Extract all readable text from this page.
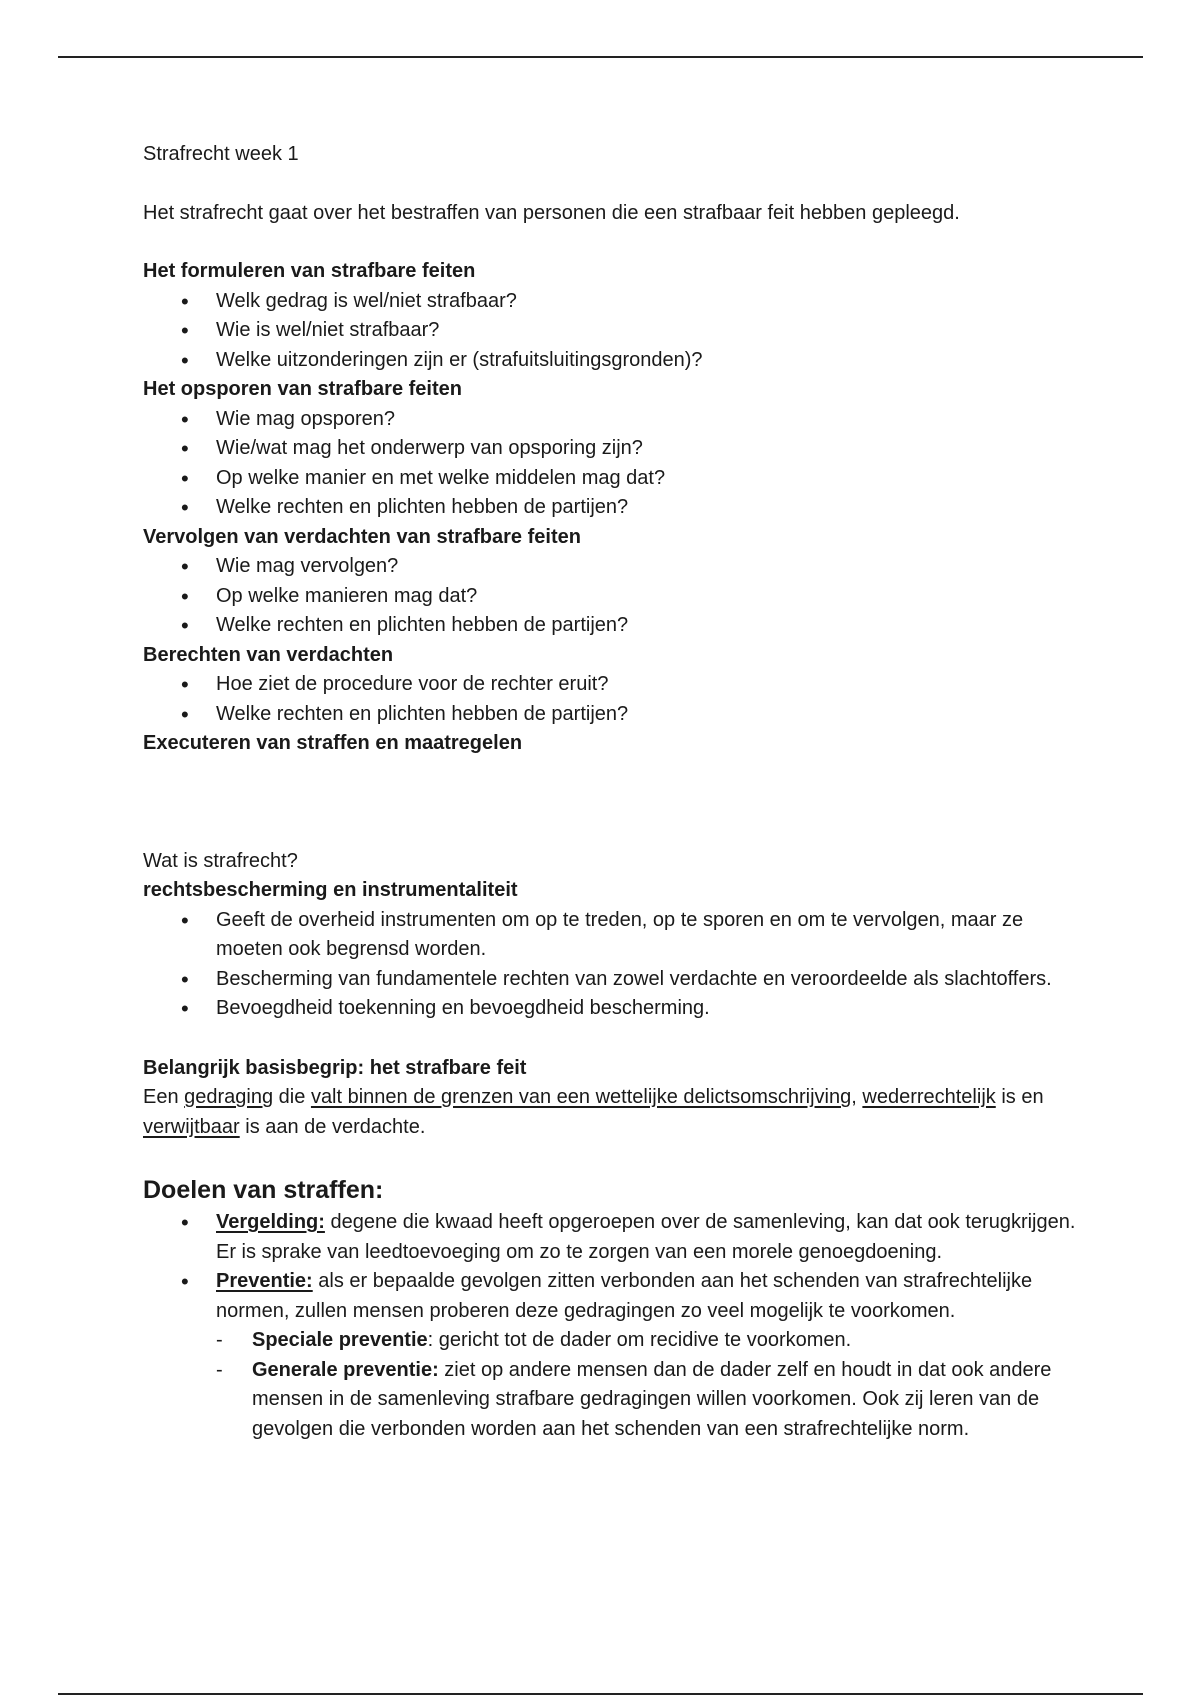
Strafrecht week 1

Het strafrecht gaat over het bestraffen van personen die een strafbaar feit hebben gepleegd.

Het formuleren van strafbare feiten

• Welk gedrag is wel/niet strafbaar?
• Wie is wel/niet strafbaar?
• Welke uitzonderingen zijn er (strafuitsluitingsgronden)?

Het opsporen van strafbare feiten

• Wie mag opsporen?
• Wie/wat mag het onderwerp van opsporing zijn?
• Op welke manier en met welke middelen mag dat?
• Welke rechten en plichten hebben de partijen?

Vervolgen van verdachten van strafbare feiten

• Wie mag vervolgen?
• Op welke manieren mag dat?
• Welke rechten en plichten hebben de partijen?

Berechten van verdachten

• Hoe ziet de procedure voor de rechter eruit?
• Welke rechten en plichten hebben de partijen?

Executeren van straffen en maatregelen

Wat is strafrecht?

rechtsbescherming en instrumentaliteit

• Geeft de overheid instrumenten om op te treden, op te sporen en om te vervolgen, maar ze moeten ook begrensd worden.
• Bescherming van fundamentele rechten van zowel verdachte en veroordeelde als slachtoffers.
• Bevoegdheid toekenning en bevoegdheid bescherming.

Belangrijk basisbegrip: het strafbare feit

Een gedraging die valt binnen de grenzen van een wettelijke delictsomschrijving, wederrechtelijk is en verwijtbaar is aan de verdachte.

Doelen van straffen:

• Vergelding: degene die kwaad heeft opgeroepen over de samenleving, kan dat ook terugkrijgen. Er is sprake van leedtoevoeging om zo te zorgen van een morele genoegdoening.
• Preventie: als er bepaalde gevolgen zitten verbonden aan het schenden van strafrechtelijke normen, zullen mensen proberen deze gedragingen zo veel mogelijk te voorkomen.
- Speciale preventie: gericht tot de dader om recidive te voorkomen.
- Generale preventie: ziet op andere mensen dan de dader zelf en houdt in dat ook andere mensen in de samenleving strafbare gedragingen willen voorkomen. Ook zij leren van de gevolgen die verbonden worden aan het schenden van een strafrechtelijke norm.
